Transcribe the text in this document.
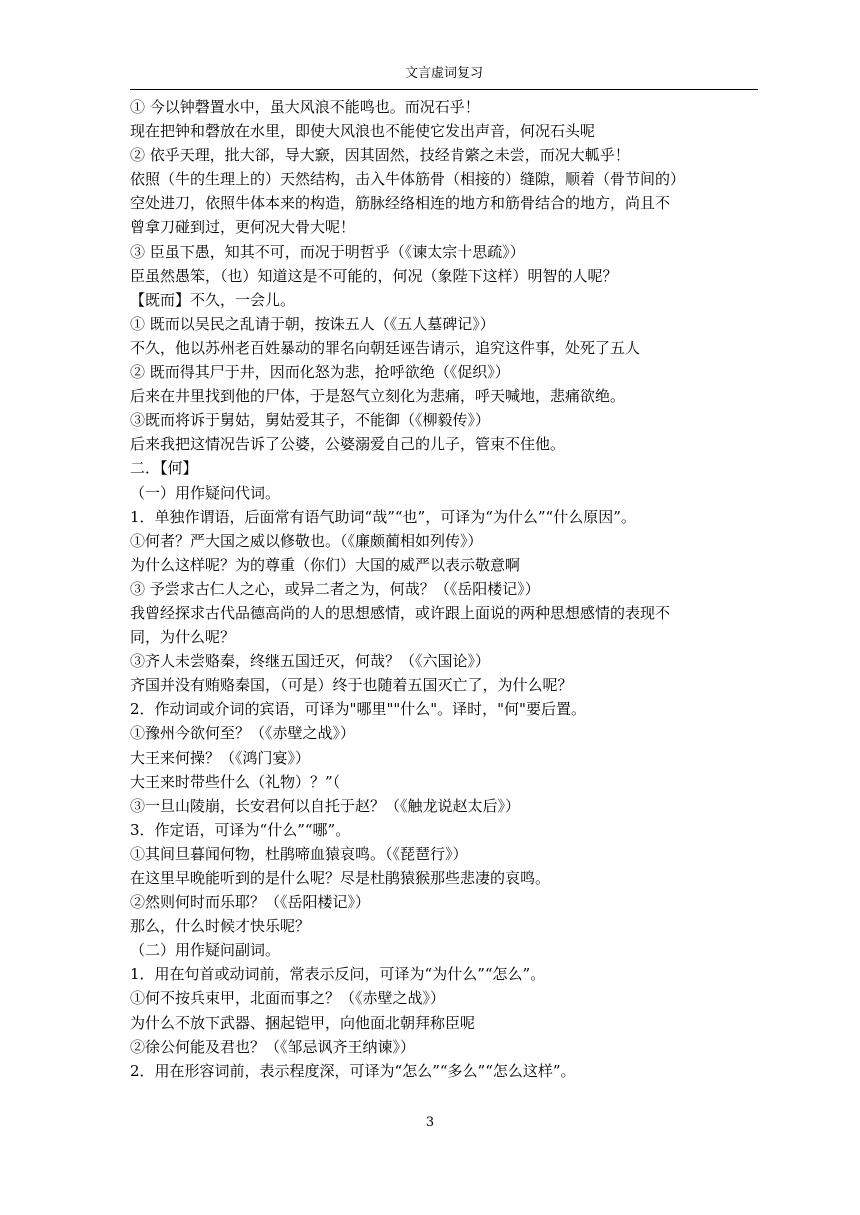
文言虚词复习
① 今以钟磬置水中，虽大风浪不能鸣也。而况石乎！
现在把钟和磬放在水里，即使大风浪也不能使它发出声音，何况石头呢
② 依乎天理，批大郤，导大窾，因其固然，技经肯綮之未尝，而况大軱乎！
依照（牛的生理上的）天然结构，击入牛体筋骨（相接的）缝隙，顺着（骨节间的）
空处进刀，依照牛体本来的构造，筋脉经络相连的地方和筋骨结合的地方，尚且不
曾拿刀碰到过，更何况大骨大呢！
③ 臣虽下愚，知其不可，而况于明哲乎（《谏太宗十思疏》）
臣虽然愚笨，（也）知道这是不可能的，何况（象陛下这样）明智的人呢？
【既而】不久，一会儿。
① 既而以吴民之乱请于朝，按诛五人（《五人墓碑记》）
不久，他以苏州老百姓暴动的罪名向朝廷诬告请示，追究这件事，处死了五人
② 既而得其尸于井，因而化怒为悲，抢呼欲绝（《促织》）
后来在井里找到他的尸体，于是怒气立刻化为悲痛，呼天喊地，悲痛欲绝。
③既而将诉于舅姑，舅姑爱其子，不能御（《柳毅传》）
后来我把这情况告诉了公婆，公婆溺爱自己的儿子，管束不住他。
二．【何】
（一）用作疑问代词。
1．单独作谓语，后面常有语气助词“哉”“也”，可译为“为什么”“什么原因”。
①何者？严大国之威以修敬也。（《廉颇蔺相如列传》）
为什么这样呢？为的尊重（你们）大国的威严以表示敬意啊
③ 予尝求古仁人之心，或异二者之为，何哉？（《岳阳楼记》）
我曾经探求古代品德高尚的人的思想感情，或许跟上面说的两种思想感情的表现不
同，为什么呢？
③齐人未尝赂秦，终继五国迁灭，何哉？（《六国论》）
齐国并没有贿赂秦国，（可是）终于也随着五国灭亡了，为什么呢？
2．作动词或介词的宾语，可译为"哪里""什么"。译时，"何"要后置。
①豫州今欲何至？（《赤壁之战》）
大王来何操？（《鸿门宴》）
大王来时带些什么（礼物）？”（
③一旦山陵崩，长安君何以自托于赵？（《触龙说赵太后》）
3．作定语，可译为“什么”“哪”。
①其间旦暮闻何物，杜鹃啼血猿哀鸣。（《琵琶行》）
在这里早晚能听到的是什么呢？尽是杜鹃猿猴那些悲凄的哀鸣。
②然则何时而乐耶？（《岳阳楼记》）
那么，什么时候才快乐呢？
（二）用作疑问副词。
1．用在句首或动词前，常表示反问，可译为“为什么”“怎么”。
①何不按兵束甲，北面而事之？（《赤壁之战》）
为什么不放下武器、捆起铠甲，向他面北朝拜称臣呢
②徐公何能及君也？（《邹忌讽齐王纳谏》）
2．用在形容词前，表示程度深，可译为“怎么”“多么”“怎么这样”。
3
